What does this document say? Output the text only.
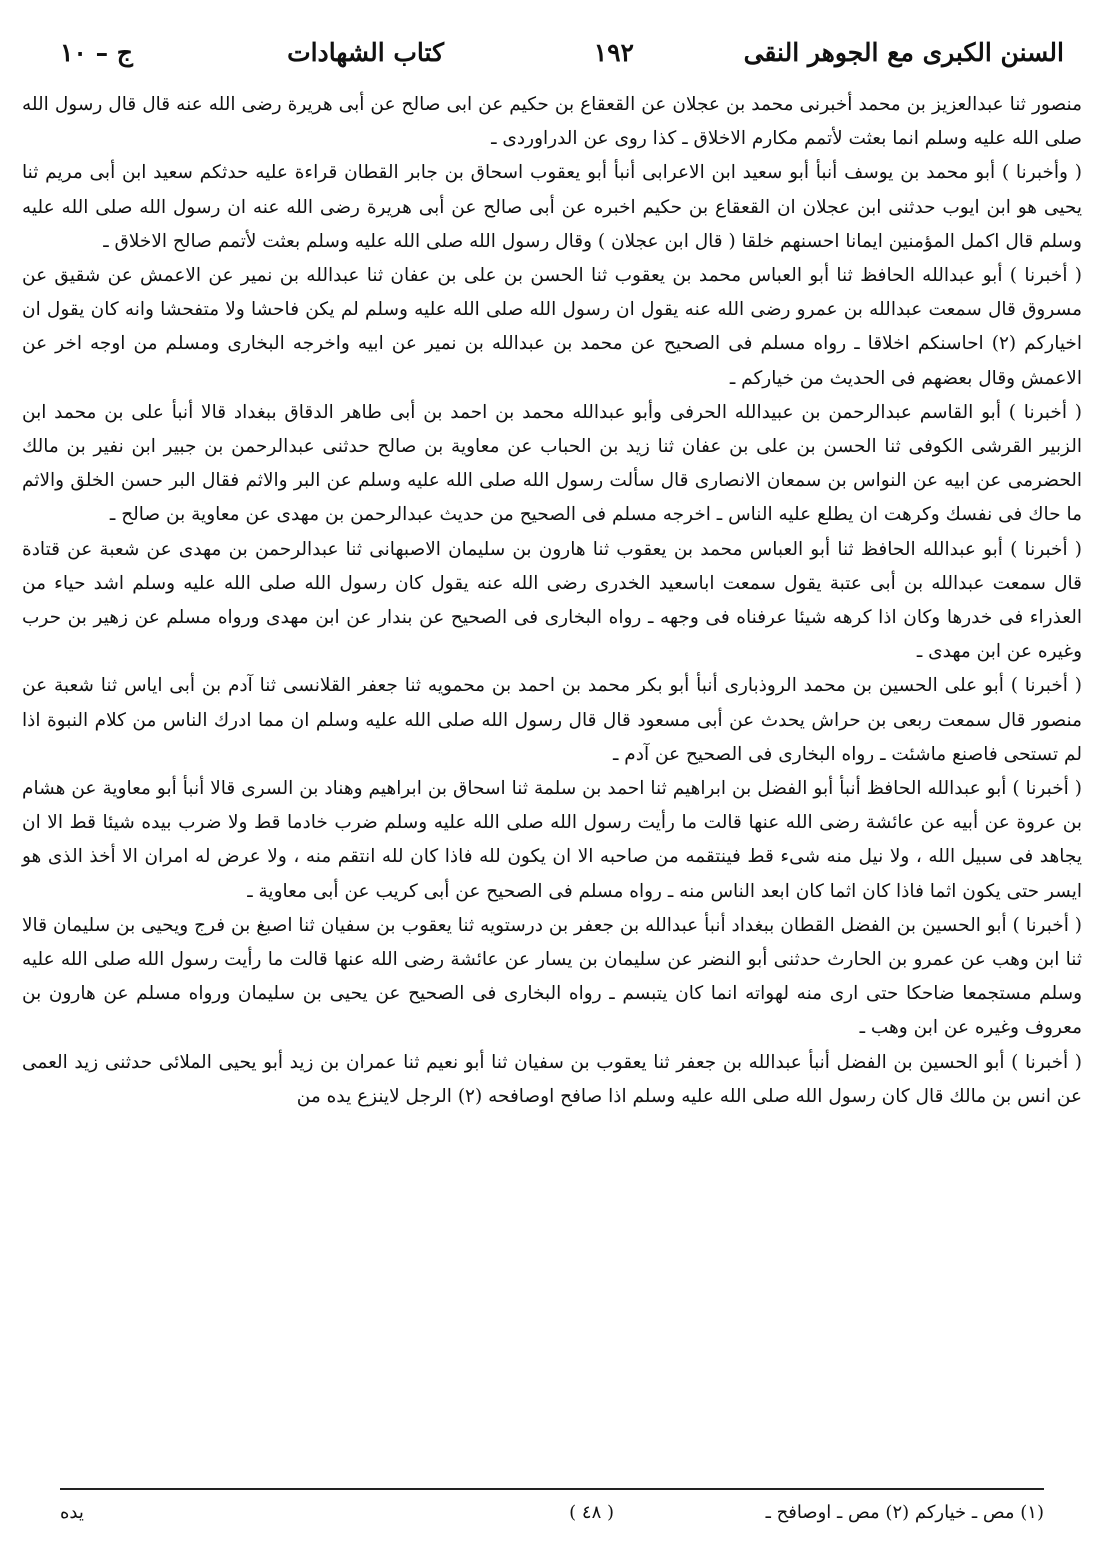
السنن الكبرى مع الجوهر النقى
١٩٢
كتاب الشهادات
ج – ١٠

منصور ثنا عبدالعزيز بن محمد أخبرنى محمد بن عجلان عن القعقاع بن حكيم عن ابى صالح عن أبى هريرة رضى الله عنه قال قال رسول الله صلى الله عليه وسلم انما بعثت لأتمم مكارم الاخلاق ـ كذا روى عن الدراوردى ـ

( وأخبرنا ) أبو محمد بن يوسف أنبأ أبو سعيد ابن الاعرابى أنبأ أبو يعقوب اسحاق بن جابر القطان قراءة عليه حدثكم سعيد ابن أبى مريم ثنا يحيى هو ابن ايوب حدثنى ابن عجلان ان القعقاع بن حكيم اخبره عن أبى صالح عن أبى هريرة رضى الله عنه ان رسول الله صلى الله عليه وسلم قال اكمل المؤمنين ايمانا احسنهم خلقا ( قال ابن عجلان ) وقال رسول الله صلى الله عليه وسلم بعثت لأتمم صالح الاخلاق ـ

( أخبرنا ) أبو عبدالله الحافظ ثنا أبو العباس محمد بن يعقوب ثنا الحسن بن على بن عفان ثنا عبدالله بن نمير عن الاعمش عن شقيق عن مسروق قال سمعت عبدالله بن عمرو رضى الله عنه يقول ان رسول الله صلى الله عليه وسلم لم يكن فاحشا ولا متفحشا وانه كان يقول ان اخياركم (٢) احاسنكم اخلاقا ـ رواه مسلم فى الصحيح عن محمد بن عبدالله بن نمير عن ابيه واخرجه البخارى ومسلم من اوجه اخر عن الاعمش وقال بعضهم فى الحديث من خياركم ـ

( أخبرنا ) أبو القاسم عبدالرحمن بن عبيدالله الحرفى وأبو عبدالله محمد بن احمد بن أبى طاهر الدقاق ببغداد قالا أنبأ على بن محمد ابن الزبير القرشى الكوفى ثنا الحسن بن على بن عفان ثنا زيد بن الحباب عن معاوية بن صالح حدثنى عبدالرحمن بن جبير ابن نفير بن مالك الحضرمى عن ابيه عن النواس بن سمعان الانصارى قال سألت رسول الله صلى الله عليه وسلم عن البر والاثم فقال البر حسن الخلق والاثم ما حاك فى نفسك وكرهت ان يطلع عليه الناس ـ اخرجه مسلم فى الصحيح من حديث عبدالرحمن بن مهدى عن معاوية بن صالح ـ

( أخبرنا ) أبو عبدالله الحافظ ثنا أبو العباس محمد بن يعقوب ثنا هارون بن سليمان الاصبهانى ثنا عبدالرحمن بن مهدى عن شعبة عن قتادة قال سمعت عبدالله بن أبى عتبة يقول سمعت اباسعيد الخدرى رضى الله عنه يقول كان رسول الله صلى الله عليه وسلم اشد حياء من العذراء فى خدرها وكان اذا كرهه شيئا عرفناه فى وجهه ـ رواه البخارى فى الصحيح عن بندار عن ابن مهدى ورواه مسلم عن زهير بن حرب وغيره عن ابن مهدى ـ

( أخبرنا ) أبو على الحسين بن محمد الروذبارى أنبأ أبو بكر محمد بن احمد بن محمويه ثنا جعفر القلانسى ثنا آدم بن أبى اياس ثنا شعبة عن منصور قال سمعت ربعى بن حراش يحدث عن أبى مسعود قال قال رسول الله صلى الله عليه وسلم ان مما ادرك الناس من كلام النبوة اذا لم تستحى فاصنع ماشئت ـ رواه البخارى فى الصحيح عن آدم ـ

( أخبرنا ) أبو عبدالله الحافظ أنبأ أبو الفضل بن ابراهيم ثنا احمد بن سلمة ثنا اسحاق بن ابراهيم وهناد بن السرى قالا أنبأ أبو معاوية عن هشام بن عروة عن أبيه عن عائشة رضى الله عنها قالت ما رأيت رسول الله صلى الله عليه وسلم ضرب خادما قط ولا ضرب بيده شيئا قط الا ان يجاهد فى سبيل الله ، ولا نيل منه شىء قط فينتقمه من صاحبه الا ان يكون لله فاذا كان لله انتقم منه ، ولا عرض له امران الا أخذ الذى هو ايسر حتى يكون اثما فاذا كان اثما كان ابعد الناس منه ـ رواه مسلم فى الصحيح عن أبى كريب عن أبى معاوية ـ

( أخبرنا ) أبو الحسين بن الفضل القطان ببغداد أنبأ عبدالله بن جعفر بن درستويه ثنا يعقوب بن سفيان ثنا اصبغ بن فرج ويحيى بن سليمان قالا ثنا ابن وهب عن عمرو بن الحارث حدثنى أبو النضر عن سليمان بن يسار عن عائشة رضى الله عنها قالت ما رأيت رسول الله صلى الله عليه وسلم مستجمعا ضاحكا حتى ارى منه لهواته انما كان يتبسم ـ رواه البخارى فى الصحيح عن يحيى بن سليمان ورواه مسلم عن هارون بن معروف وغيره عن ابن وهب ـ

( أخبرنا ) أبو الحسين بن الفضل أنبأ عبدالله بن جعفر ثنا يعقوب بن سفيان ثنا أبو نعيم ثنا عمران بن زيد أبو يحيى الملائى حدثنى زيد العمى عن انس بن مالك قال كان رسول الله صلى الله عليه وسلم اذا صافح اوصافحه (٢) الرجل لاينزع يده من

(١) مص ـ خياركم (٢) مص ـ اوصافح ـ
( ٤٨ )
يده
